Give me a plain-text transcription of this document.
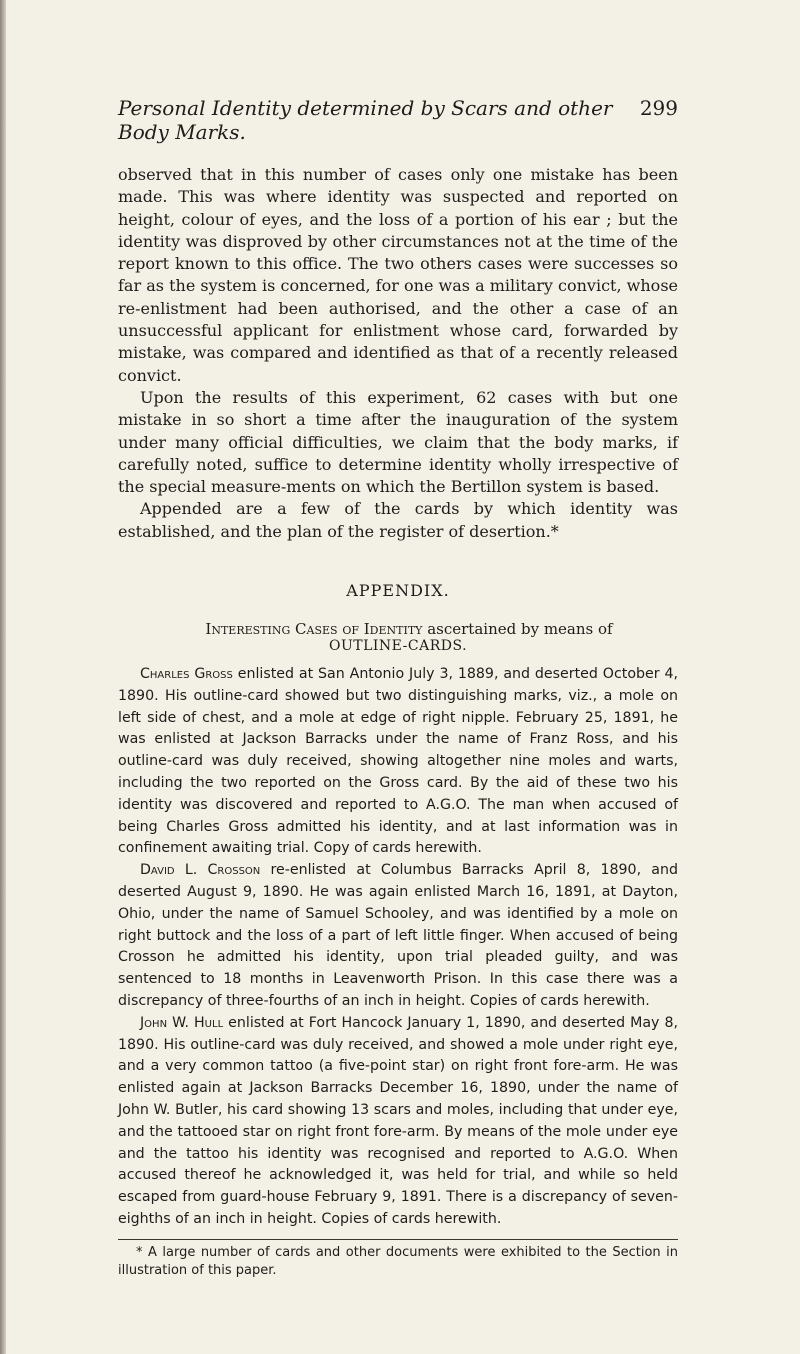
Personal Identity determined by Scars and other Body Marks.
299

observed that in this number of cases only one mistake has been made. This was where identity was suspected and reported on height, colour of eyes, and the loss of a portion of his ear ; but the identity was disproved by other circumstances not at the time of the report known to this office. The two others cases were successes so far as the system is concerned, for one was a military convict, whose re-enlistment had been authorised, and the other a case of an unsuccessful applicant for enlistment whose card, forwarded by mistake, was compared and identified as that of a recently released convict.

Upon the results of this experiment, 62 cases with but one mistake in so short a time after the inauguration of the system under many official difficulties, we claim that the body marks, if carefully noted, suffice to determine identity wholly irrespective of the special measure-ments on which the Bertillon system is based.

Appended are a few of the cards by which identity was established, and the plan of the register of desertion.*

APPENDIX.
Interesting Cases of Identity ascertained by means of
OUTLINE-CARDS.

Charles Gross enlisted at San Antonio July 3, 1889, and deserted October 4, 1890. His outline-card showed but two distinguishing marks, viz., a mole on left side of chest, and a mole at edge of right nipple. February 25, 1891, he was enlisted at Jackson Barracks under the name of Franz Ross, and his outline-card was duly received, showing altogether nine moles and warts, including the two reported on the Gross card. By the aid of these two his identity was discovered and reported to A.G.O. The man when accused of being Charles Gross admitted his identity, and at last information was in confinement awaiting trial. Copy of cards herewith.

David L. Crosson re-enlisted at Columbus Barracks April 8, 1890, and deserted August 9, 1890. He was again enlisted March 16, 1891, at Dayton, Ohio, under the name of Samuel Schooley, and was identified by a mole on right buttock and the loss of a part of left little finger. When accused of being Crosson he admitted his identity, upon trial pleaded guilty, and was sentenced to 18 months in Leavenworth Prison. In this case there was a discrepancy of three-fourths of an inch in height. Copies of cards herewith.

John W. Hull enlisted at Fort Hancock January 1, 1890, and deserted May 8, 1890. His outline-card was duly received, and showed a mole under right eye, and a very common tattoo (a five-point star) on right front fore-arm. He was enlisted again at Jackson Barracks December 16, 1890, under the name of John W. Butler, his card showing 13 scars and moles, including that under eye, and the tattooed star on right front fore-arm. By means of the mole under eye and the tattoo his identity was recognised and reported to A.G.O. When accused thereof he acknowledged it, was held for trial, and while so held escaped from guard-house February 9, 1891. There is a discrepancy of seven-eighths of an inch in height. Copies of cards herewith.

* A large number of cards and other documents were exhibited to the Section in illustration of this paper.
